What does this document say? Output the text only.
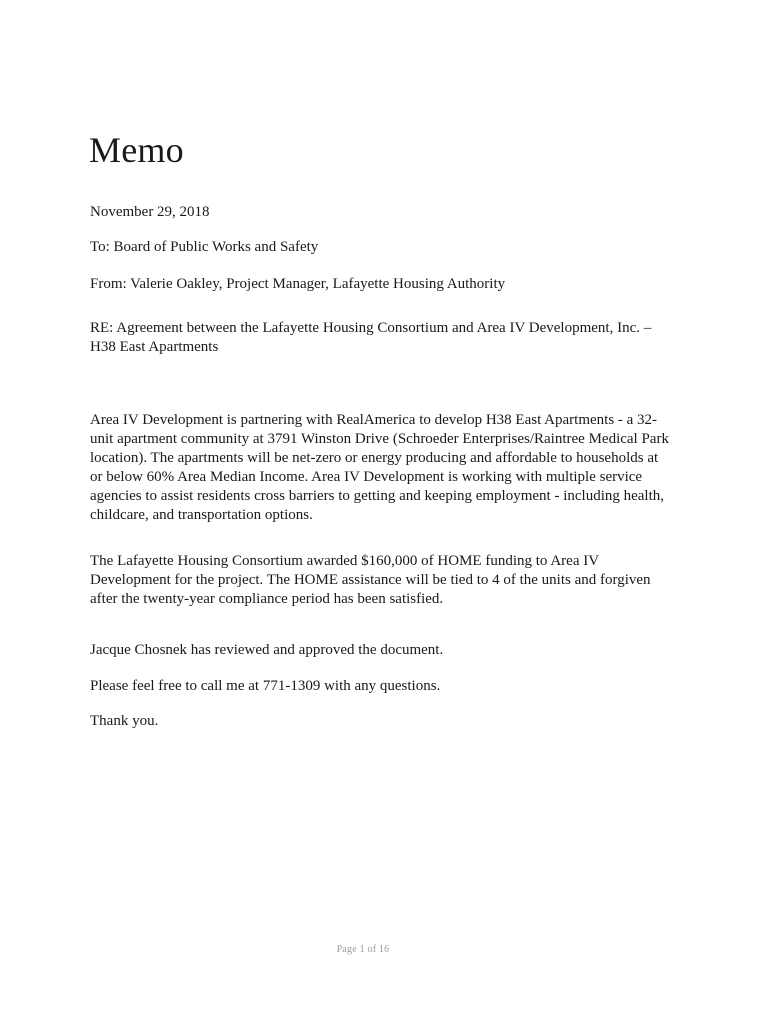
Memo

November 29, 2018

To: Board of Public Works and Safety

From: Valerie Oakley, Project Manager, Lafayette Housing Authority

RE: Agreement between the Lafayette Housing Consortium and Area IV Development, Inc. –
H38 East Apartments
Area IV Development is partnering with RealAmerica to develop H38 East Apartments - a 32-
unit apartment community at 3791 Winston Drive (Schroeder Enterprises/Raintree Medical Park
location). The apartments will be net-zero or energy producing and affordable to households at
or below 60% Area Median Income. Area IV Development is working with multiple service
agencies to assist residents cross barriers to getting and keeping employment - including health,
childcare, and transportation options.
The Lafayette Housing Consortium awarded $160,000 of HOME funding to Area IV
Development for the project. The HOME assistance will be tied to 4 of the units and forgiven
after the twenty-year compliance period has been satisfied.

Jacque Chosnek has reviewed and approved the document.

Please feel free to call me at 771-1309 with any questions.

Thank you.

Page 1 of 16
